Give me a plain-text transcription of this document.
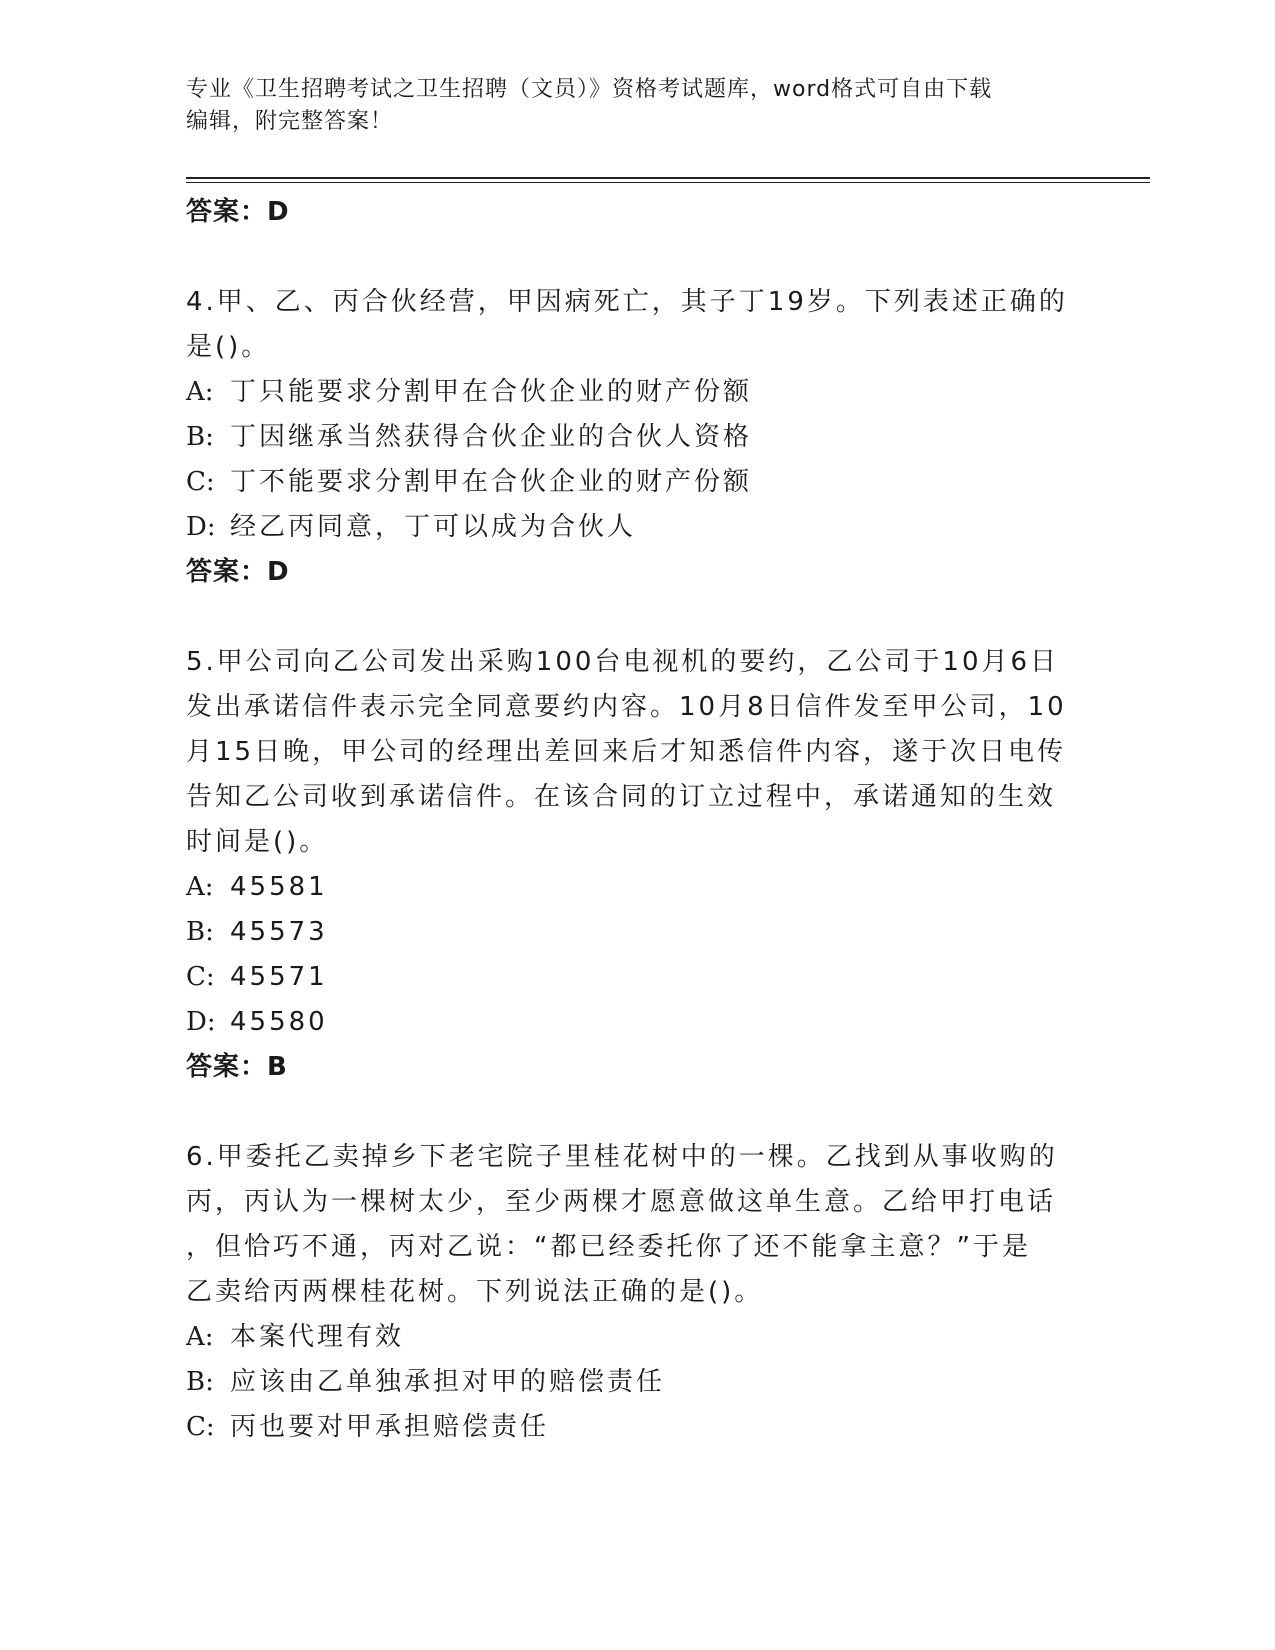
专业《卫生招聘考试之卫生招聘（文员）》资格考试题库，word格式可自由下载
编辑，附完整答案！
答案：D
4.甲、乙、丙合伙经营，甲因病死亡，其子丁19岁。下列表述正确的
是()。
A: 丁只能要求分割甲在合伙企业的财产份额
B: 丁因继承当然获得合伙企业的合伙人资格
C: 丁不能要求分割甲在合伙企业的财产份额
D: 经乙丙同意，丁可以成为合伙人
答案：D
5.甲公司向乙公司发出采购100台电视机的要约，乙公司于10月6日
发出承诺信件表示完全同意要约内容。10月8日信件发至甲公司，10
月15日晚，甲公司的经理出差回来后才知悉信件内容，遂于次日电传
告知乙公司收到承诺信件。在该合同的订立过程中，承诺通知的生效
时间是()。
A: 45581
B: 45573
C: 45571
D: 45580
答案：B
6.甲委托乙卖掉乡下老宅院子里桂花树中的一棵。乙找到从事收购的
丙，丙认为一棵树太少，至少两棵才愿意做这单生意。乙给甲打电话
，但恰巧不通，丙对乙说：“都已经委托你了还不能拿主意？”于是
乙卖给丙两棵桂花树。下列说法正确的是()。
A: 本案代理有效
B: 应该由乙单独承担对甲的赔偿责任
C: 丙也要对甲承担赔偿责任
